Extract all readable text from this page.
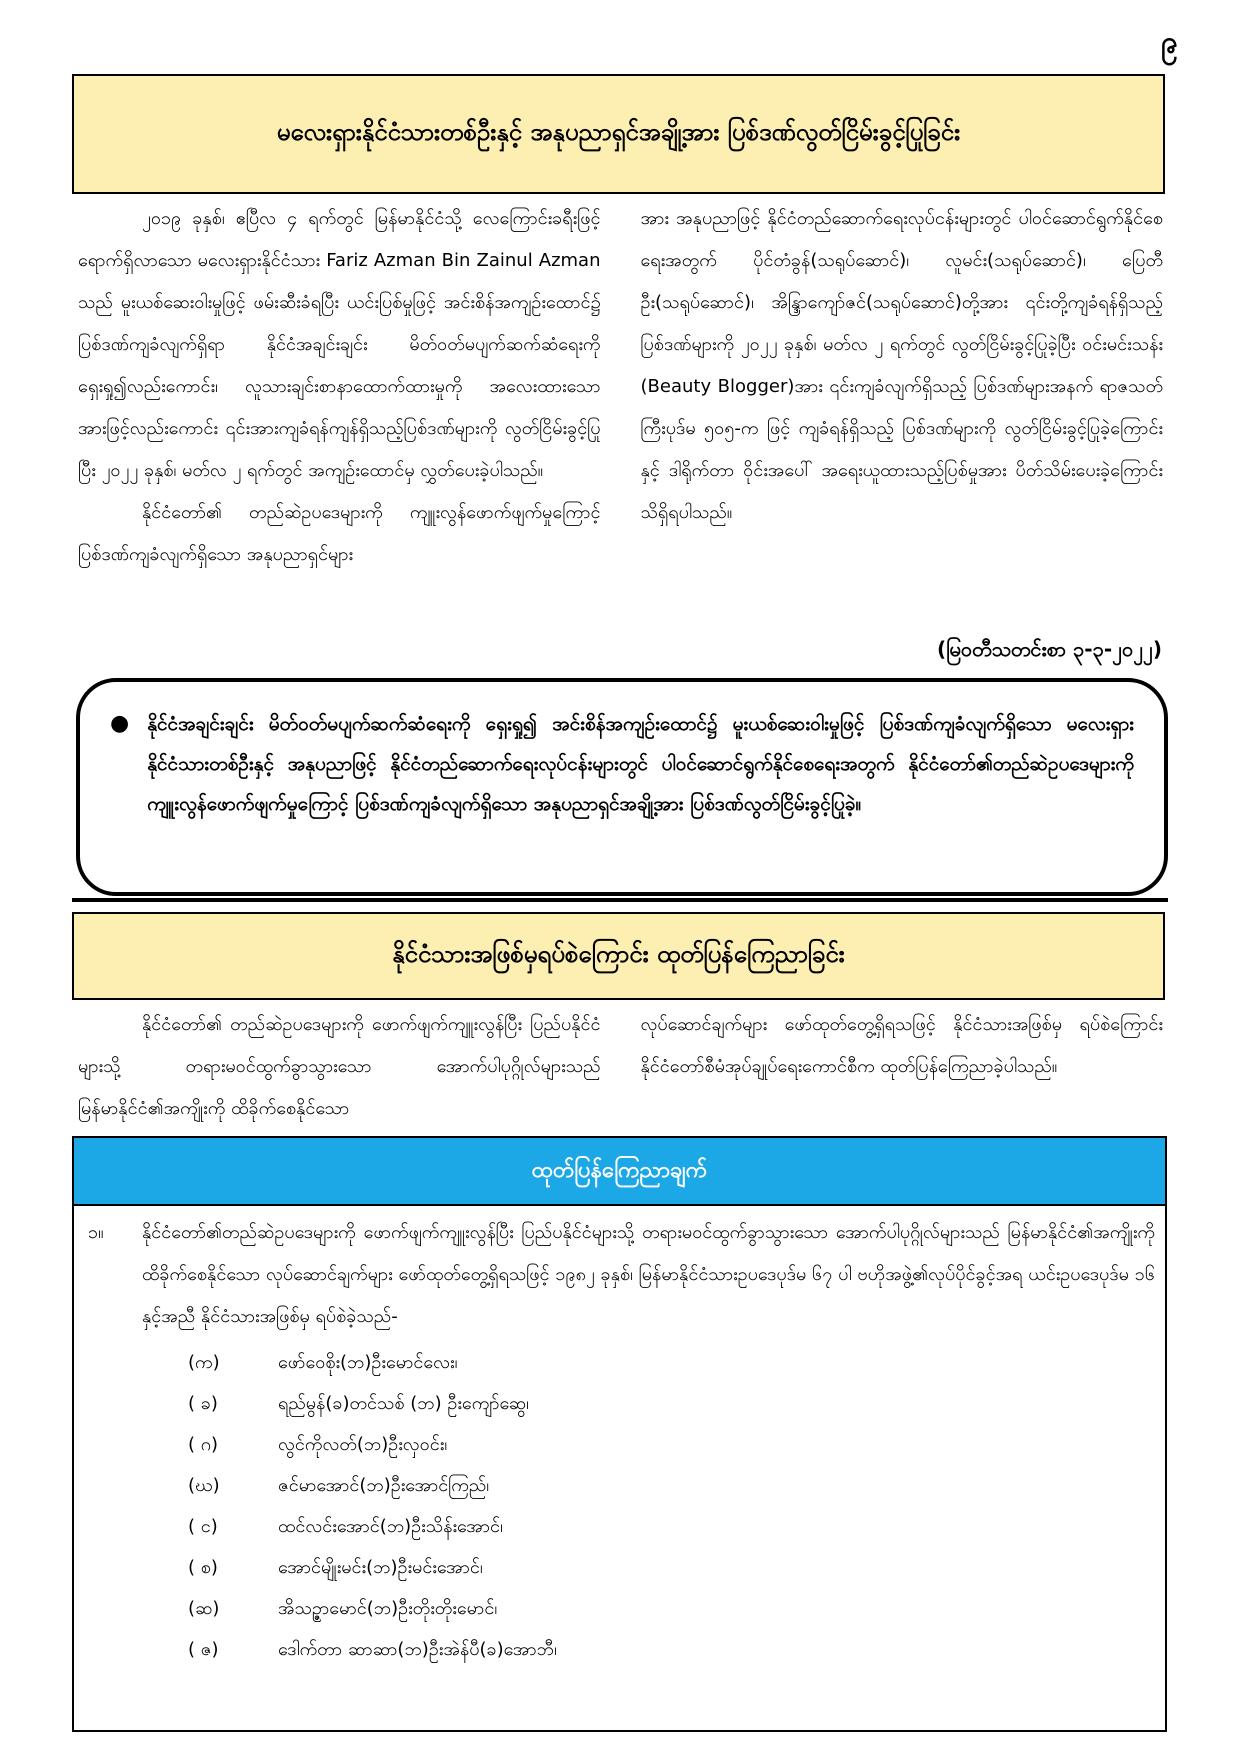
၉
မလေးရှားနိုင်ငံသားတစ်ဦးနှင့် အနုပညာရှင်အချို့အား ပြစ်ဒဏ်လွတ်ငြိမ်းခွင့်ပြုခြင်း

၂၀၁၉ ခုနှစ်၊ ဧပြီလ ၄ ရက်တွင် မြန်မာနိုင်ငံသို့ လေကြောင်းခရီးဖြင့် ရောက်ရှိလာသော မလေးရှားနိုင်ငံသား Fariz Azman Bin Zainul Azman သည် မူးယစ်ဆေးဝါးမှုဖြင့် ဖမ်းဆီးခံရပြီး ယင်းပြစ်မှုဖြင့် အင်းစိန်အကျဉ်းထောင်၌ ပြစ်ဒဏ်ကျခံလျက်ရှိရာ နိုင်ငံအချင်းချင်း မိတ်ဝတ်မပျက်ဆက်ဆံရေးကို ရှေးရှု၍လည်းကောင်း၊ လူသားချင်းစာနာထောက်ထားမှုကို အလေးထားသောအားဖြင့်လည်းကောင်း ၎င်းအားကျခံရန်ကျန်ရှိသည့်ပြစ်ဒဏ်များကို လွတ်ငြိမ်းခွင့်ပြုပြီး ၂၀၂၂ ခုနှစ်၊ မတ်လ ၂ ရက်တွင် အကျဉ်းထောင်မှ လွှတ်ပေးခဲ့ပါသည်။

နိုင်ငံတော်၏ တည်ဆဲဥပဒေများကို ကျူးလွန်ဖောက်ဖျက်မှုကြောင့် ပြစ်ဒဏ်ကျခံလျက်ရှိသော အနုပညာရှင်များ

အား အနုပညာဖြင့် နိုင်ငံတည်ဆောက်ရေးလုပ်ငန်းများတွင် ပါဝင်ဆောင်ရွက်နိုင်စေရေးအတွက် ပိုင်တံခွန်(သရုပ်ဆောင်)၊ လူမင်း(သရုပ်ဆောင်)၊ ပြေတီဦး(သရုပ်ဆောင်)၊ အိန္ဒြာကျော်ဇင်(သရုပ်ဆောင်)တို့အား ၎င်းတို့ကျခံရန်ရှိသည့် ပြစ်ဒဏ်များကို ၂၀၂၂ ခုနှစ်၊ မတ်လ ၂ ရက်တွင် လွတ်ငြိမ်းခွင့်ပြုခဲ့ပြီး ဝင်းမင်းသန်း (Beauty Blogger)အား ၎င်းကျခံလျက်ရှိသည့် ပြစ်ဒဏ်များအနက် ရာဇသတ်ကြီးပုဒ်မ ၅၀၅-က ဖြင့် ကျခံရန်ရှိသည့် ပြစ်ဒဏ်များကို လွတ်ငြိမ်းခွင့်ပြုခဲ့ကြောင်းနှင့် ဒါရိုက်တာ ဝိုင်းအပေါ် အရေးယူထားသည့်ပြစ်မှုအား ပိတ်သိမ်းပေးခဲ့ကြောင်း သိရှိရပါသည်။

(မြဝတီသတင်းစာ ၃-၃-၂၀၂၂)
● နိုင်ငံအချင်းချင်း မိတ်ဝတ်မပျက်ဆက်ဆံရေးကို ရှေးရှု၍ အင်းစိန်အကျဉ်းထောင်၌ မူးယစ်ဆေးဝါးမှုဖြင့် ပြစ်ဒဏ်ကျခံလျက်ရှိသော မလေးရှားနိုင်ငံသားတစ်ဦးနှင့် အနုပညာဖြင့် နိုင်ငံတည်ဆောက်ရေးလုပ်ငန်းများတွင် ပါဝင်ဆောင်ရွက်နိုင်စေရေးအတွက် နိုင်ငံတော်၏တည်ဆဲဥပဒေများကို ကျူးလွန်ဖောက်ဖျက်မှုကြောင့် ပြစ်ဒဏ်ကျခံလျက်ရှိသော အနုပညာရှင်အချို့အား ပြစ်ဒဏ်လွတ်ငြိမ်းခွင့်ပြုခဲ့။
နိုင်ငံသားအဖြစ်မှရပ်စဲကြောင်း ထုတ်ပြန်ကြေညာခြင်း

နိုင်ငံတော်၏ တည်ဆဲဥပဒေများကို ဖောက်ဖျက်ကျူးလွန်ပြီး ပြည်ပနိုင်ငံများသို့ တရားမဝင်ထွက်ခွာသွားသော အောက်ပါပုဂ္ဂိုလ်များသည် မြန်မာနိုင်ငံ၏အကျိုးကို ထိခိုက်စေနိုင်သော

လုပ်ဆောင်ချက်များ ဖော်ထုတ်တွေ့ရှိရသဖြင့် နိုင်ငံသားအဖြစ်မှ ရပ်စဲကြောင်း နိုင်ငံတော်စီမံအုပ်ချုပ်ရေးကောင်စီက ထုတ်ပြန်ကြေညာခဲ့ပါသည်။

ထုတ်ပြန်ကြေညာချက်
၁။	နိုင်ငံတော်၏တည်ဆဲဥပဒေများကို ဖောက်ဖျက်ကျူးလွန်ပြီး ပြည်ပနိုင်ငံများသို့ တရားမဝင်ထွက်ခွာသွားသော အောက်ပါပုဂ္ဂိုလ်များသည် မြန်မာနိုင်ငံ၏အကျိုးကို ထိခိုက်စေနိုင်သော လုပ်ဆောင်ချက်များ ဖော်ထုတ်တွေ့ရှိရသဖြင့် ၁၉၈၂ ခုနှစ်၊ မြန်မာနိုင်ငံသားဥပဒေပုဒ်မ ၆၇ ပါ ဗဟိုအဖွဲ့၏လုပ်ပိုင်ခွင့်အရ ယင်းဥပဒေပုဒ်မ ၁၆ နှင့်အညီ နိုင်ငံသားအဖြစ်မှ ရပ်စဲခဲ့သည်-
(က)	ဖော်ဝေစိုး(ဘ)ဦးမောင်လေး၊
( ခ)	ရည်မွန်(ခ)တင်သစ် (ဘ) ဦးကျော်ဆွေ၊
( ဂ)	လွင်ကိုလတ်(ဘ)ဦးလှဝင်း၊
(ဃ)	ဇင်မာအောင်(ဘ)ဦးအောင်ကြည်၊
( င)	ထင်လင်းအောင်(ဘ)ဦးသိန်းအောင်၊
( စ)	အောင်မျိုးမင်း(ဘ)ဦးမင်းအောင်၊
(ဆ)	အိသဉ္ဇာမောင်(ဘ)ဦးတိုးတိုးမောင်၊
( ဇ)	ဒေါက်တာ ဆာဆာ(ဘ)ဦးအဲန်ပီ(ခ)အောဘီ၊
